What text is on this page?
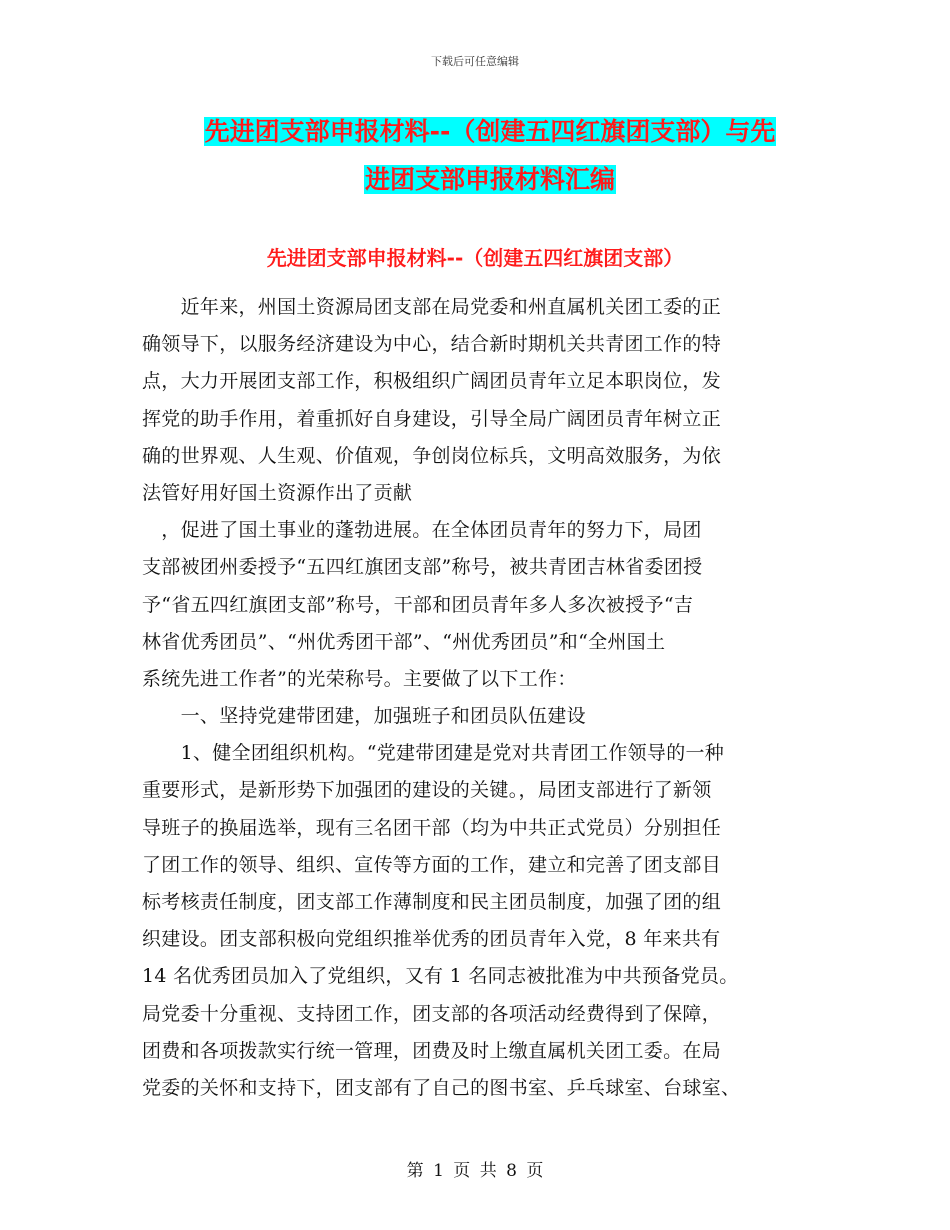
下载后可任意编辑
先进团支部申报材料--（创建五四红旗团支部）与先
进团支部申报材料汇编
先进团支部申报材料--（创建五四红旗团支部）
　　近年来，州国土资源局团支部在局党委和州直属机关团工委的正
确领导下，以服务经济建设为中心，结合新时期机关共青团工作的特
点，大力开展团支部工作，积极组织广阔团员青年立足本职岗位，发
挥党的助手作用，着重抓好自身建设，引导全局广阔团员青年树立正
确的世界观、人生观、价值观，争创岗位标兵，文明高效服务，为依
法管好用好国土资源作出了贡献
　，促进了国土事业的蓬勃进展。在全体团员青年的努力下，局团
支部被团州委授予“五四红旗团支部”称号，被共青团吉林省委团授
予“省五四红旗团支部”称号，干部和团员青年多人多次被授予“吉
林省优秀团员”、“州优秀团干部”、“州优秀团员”和“全州国土
系统先进工作者”的光荣称号。主要做了以下工作：
　　一、坚持党建带团建，加强班子和团员队伍建设
　　1、健全团组织机构。“党建带团建是党对共青团工作领导的一种
重要形式，是新形势下加强团的建设的关键。，局团支部进行了新领
导班子的换届选举，现有三名团干部（均为中共正式党员）分别担任
了团工作的领导、组织、宣传等方面的工作，建立和完善了团支部目
标考核责任制度，团支部工作薄制度和民主团员制度，加强了团的组
织建设。团支部积极向党组织推举优秀的团员青年入党，8 年来共有
14 名优秀团员加入了党组织，又有 1 名同志被批准为中共预备党员。
局党委十分重视、支持团工作，团支部的各项活动经费得到了保障，
团费和各项拨款实行统一管理，团费及时上缴直属机关团工委。在局
党委的关怀和支持下，团支部有了自己的图书室、乒乓球室、台球室、
第 1 页 共 8 页
